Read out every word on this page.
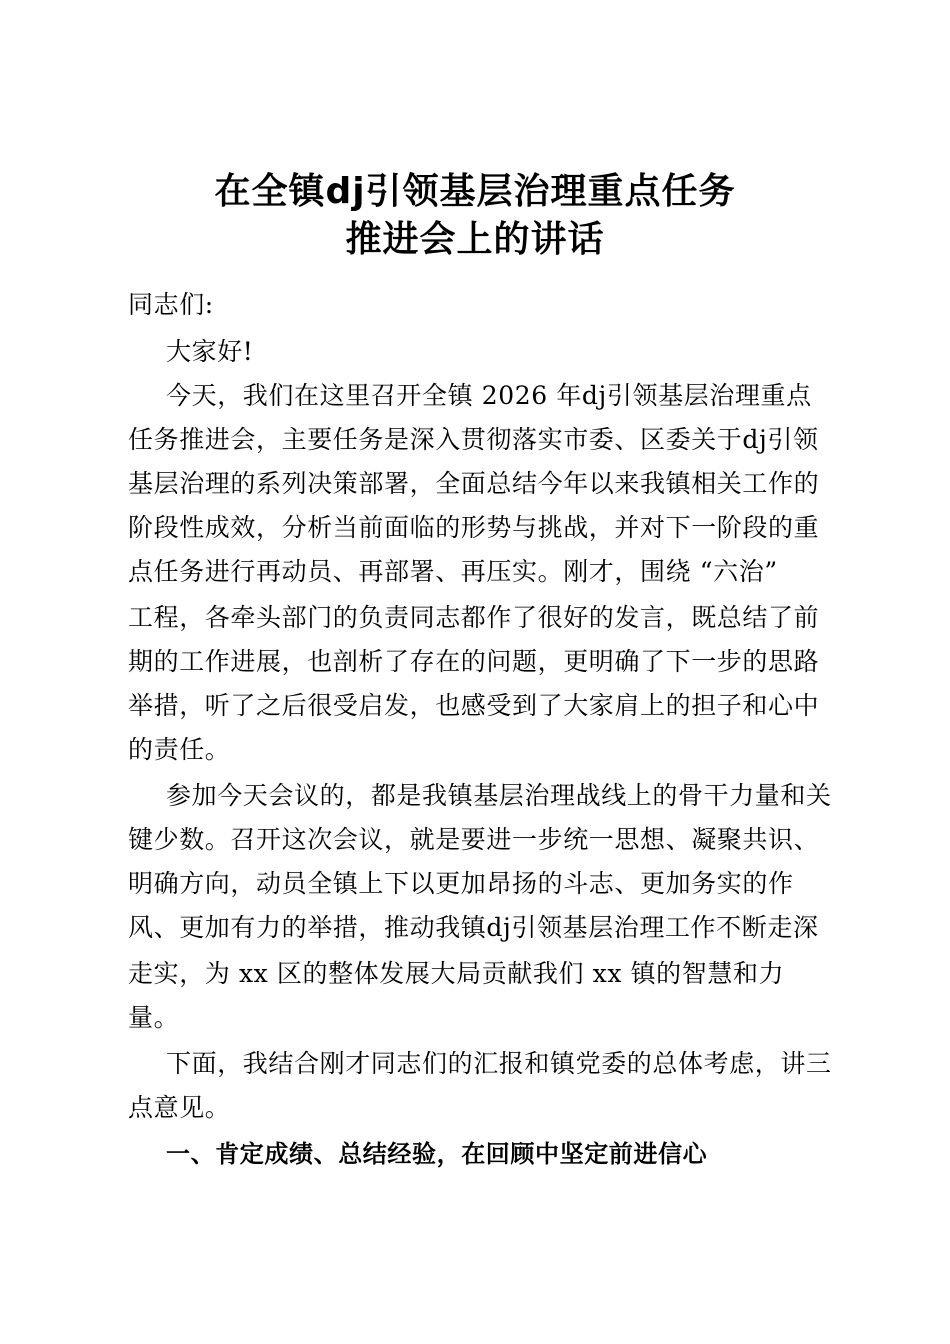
在全镇dj引领基层治理重点任务
推进会上的讲话
同志们:
大家好!
今天，我们在这里召开全镇 2026 年dj引领基层治理重点
任务推进会，主要任务是深入贯彻落实市委、区委关于dj引领
基层治理的系列决策部署，全面总结今年以来我镇相关工作的
阶段性成效，分析当前面临的形势与挑战，并对下一阶段的重
点任务进行再动员、再部署、再压实。刚才，围绕 “六治”
工程，各牵头部门的负责同志都作了很好的发言，既总结了前
期的工作进展，也剖析了存在的问题，更明确了下一步的思路
举措，听了之后很受启发，也感受到了大家肩上的担子和心中
的责任。
参加今天会议的，都是我镇基层治理战线上的骨干力量和关
键少数。召开这次会议，就是要进一步统一思想、凝聚共识、
明确方向，动员全镇上下以更加昂扬的斗志、更加务实的作
风、更加有力的举措，推动我镇dj引领基层治理工作不断走深
走实，为 xx 区的整体发展大局贡献我们 xx 镇的智慧和力
量。
下面，我结合刚才同志们的汇报和镇党委的总体考虑，讲三
点意见。
一、肯定成绩、总结经验，在回顾中坚定前进信心
